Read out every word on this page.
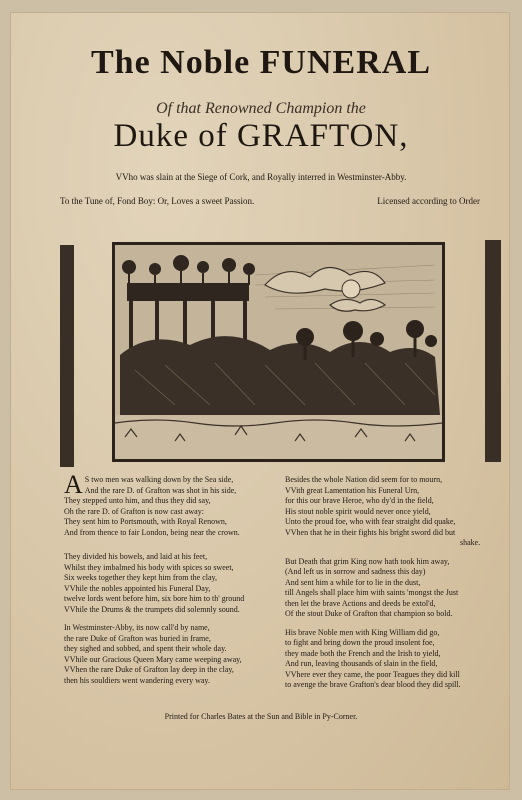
The Noble FUNERAL
Of that Renowned Champion the
Duke of GRAFTON,
VVho was slain at the Siege of Cork, and Royally interred in Westminster-Abby.
To the Tune of, Fond Boy: Or, Loves a sweet Passion.	Licensed according to Order
A S two men was walking down by the Sea side,
And the rare D. of Grafton was shot in his side,
They stepped unto him, and thus they did say,
Oh the rare D. of Grafton is now cast away:
They sent him to Portsmouth, with Royal Renown,
And from thence to fair London, being near the crown.
They divided his bowels, and laid at his feet,
Whilst they imbalmed his body with spices so sweet,
Six weeks together they kept him from the clay,
VVhile the nobles appointed his Funeral Day,
twelve lords went before him, six bore him to th' ground
VVhile the Drums & the trumpets did solemnly sound.
In Westminster-Abby, its now call'd by name,
the rare Duke of Grafton was buried in frame,
they sighed and sobbed, and spent their whole day.
VVhile our Gracious Queen Mary came weeping away,
VVhen the rare Duke of Grafton lay deep in the clay,
then his souldiers went wandering every way.
Besides the whole Nation did seem for to mourn,
VVith great Lamentation his Funeral Urn,
for this our brave Heroe, who dy'd in the field,
His stout noble spirit would never once yield,
Unto the proud foe, who with fear straight did quake,
VVhen that he in their fights his bright sword did but
shake.
But Death that grim King now hath took him away,
(And left us in sorrow and sadness this day)
And sent him a while for to lie in the dust,
till Angels shall place him with saints 'mongst the Just
then let the brave Actions and deeds be extol'd,
Of the stout Duke of Grafton that champion so bold.
His brave Noble men with King William did go,
to fight and bring down the proud insolent foe,
they made both the French and the Irish to yield,
And run, leaving thousands of slain in the field,
VVhere ever they came, the poor Teagues they did kill
to avenge the brave Grafton's dear blood they did spill.
Printed for Charles Bates at the Sun and Bible in Py-Corner.
